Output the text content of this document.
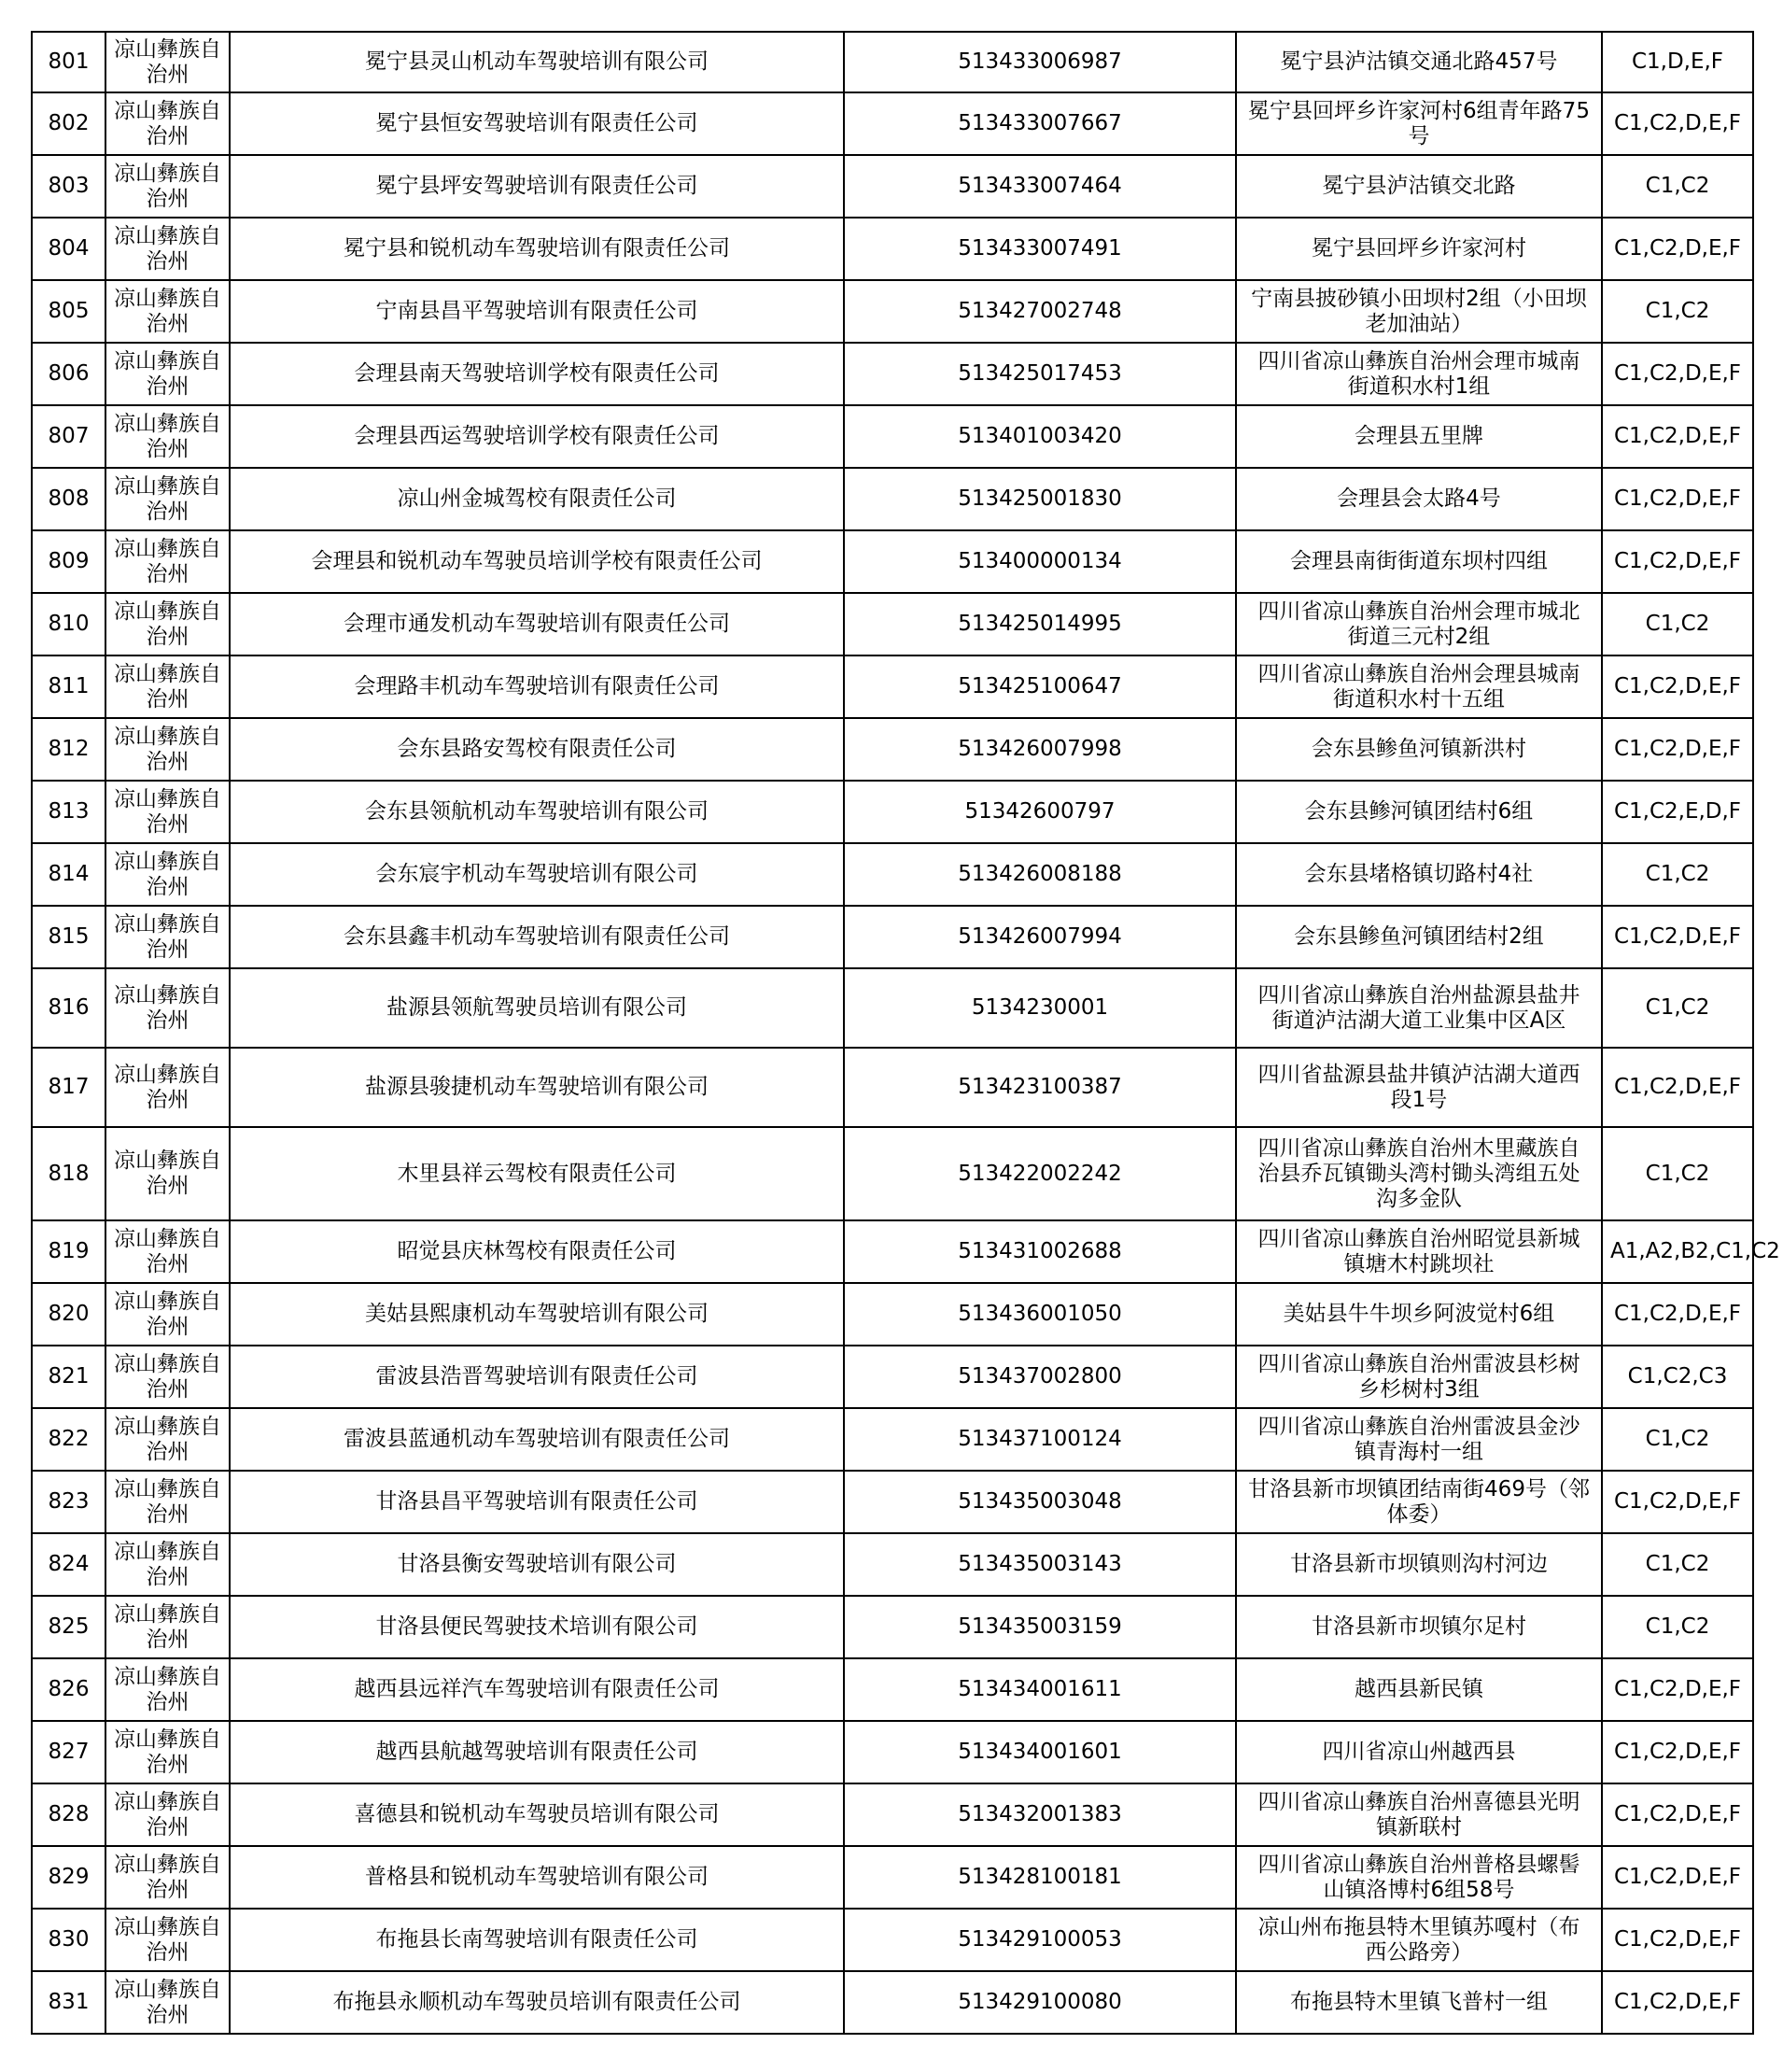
801	凉山彝族自治州	冕宁县灵山机动车驾驶培训有限公司	513433006987	冕宁县泸沽镇交通北路457号	C1,D,E,F
802	凉山彝族自治州	冕宁县恒安驾驶培训有限责任公司	513433007667	冕宁县回坪乡许家河村6组青年路75号	C1,C2,D,E,F
803	凉山彝族自治州	冕宁县坪安驾驶培训有限责任公司	513433007464	冕宁县泸沽镇交北路	C1,C2
804	凉山彝族自治州	冕宁县和锐机动车驾驶培训有限责任公司	513433007491	冕宁县回坪乡许家河村	C1,C2,D,E,F
805	凉山彝族自治州	宁南县昌平驾驶培训有限责任公司	513427002748	宁南县披砂镇小田坝村2组（小田坝老加油站）	C1,C2
806	凉山彝族自治州	会理县南天驾驶培训学校有限责任公司	513425017453	四川省凉山彝族自治州会理市城南街道积水村1组	C1,C2,D,E,F
807	凉山彝族自治州	会理县西运驾驶培训学校有限责任公司	513401003420	会理县五里牌	C1,C2,D,E,F
808	凉山彝族自治州	凉山州金城驾校有限责任公司	513425001830	会理县会太路4号	C1,C2,D,E,F
809	凉山彝族自治州	会理县和锐机动车驾驶员培训学校有限责任公司	513400000134	会理县南街街道东坝村四组	C1,C2,D,E,F
810	凉山彝族自治州	会理市通发机动车驾驶培训有限责任公司	513425014995	四川省凉山彝族自治州会理市城北街道三元村2组	C1,C2
811	凉山彝族自治州	会理路丰机动车驾驶培训有限责任公司	513425100647	四川省凉山彝族自治州会理县城南街道积水村十五组	C1,C2,D,E,F
812	凉山彝族自治州	会东县路安驾校有限责任公司	513426007998	会东县鲹鱼河镇新洪村	C1,C2,D,E,F
813	凉山彝族自治州	会东县领航机动车驾驶培训有限公司	51342600797	会东县鲹河镇团结村6组	C1,C2,E,D,F
814	凉山彝族自治州	会东宸宇机动车驾驶培训有限公司	513426008188	会东县堵格镇切路村4社	C1,C2
815	凉山彝族自治州	会东县鑫丰机动车驾驶培训有限责任公司	513426007994	会东县鲹鱼河镇团结村2组	C1,C2,D,E,F
816	凉山彝族自治州	盐源县领航驾驶员培训有限公司	5134230001	四川省凉山彝族自治州盐源县盐井街道泸沽湖大道工业集中区A区	C1,C2
817	凉山彝族自治州	盐源县骏捷机动车驾驶培训有限公司	513423100387	四川省盐源县盐井镇泸沽湖大道西段1号	C1,C2,D,E,F
818	凉山彝族自治州	木里县祥云驾校有限责任公司	513422002242	四川省凉山彝族自治州木里藏族自治县乔瓦镇锄头湾村锄头湾组五处沟多金队	C1,C2
819	凉山彝族自治州	昭觉县庆林驾校有限责任公司	513431002688	四川省凉山彝族自治州昭觉县新城镇塘木村跳坝社	A1,A2,B2,C1,C2
820	凉山彝族自治州	美姑县熙康机动车驾驶培训有限公司	513436001050	美姑县牛牛坝乡阿波觉村6组	C1,C2,D,E,F
821	凉山彝族自治州	雷波县浩晋驾驶培训有限责任公司	513437002800	四川省凉山彝族自治州雷波县杉树乡杉树村3组	C1,C2,C3
822	凉山彝族自治州	雷波县蓝通机动车驾驶培训有限责任公司	513437100124	四川省凉山彝族自治州雷波县金沙镇青海村一组	C1,C2
823	凉山彝族自治州	甘洛县昌平驾驶培训有限责任公司	513435003048	甘洛县新市坝镇团结南街469号（邻体委）	C1,C2,D,E,F
824	凉山彝族自治州	甘洛县衡安驾驶培训有限公司	513435003143	甘洛县新市坝镇则沟村河边	C1,C2
825	凉山彝族自治州	甘洛县便民驾驶技术培训有限公司	513435003159	甘洛县新市坝镇尔足村	C1,C2
826	凉山彝族自治州	越西县远祥汽车驾驶培训有限责任公司	513434001611	越西县新民镇	C1,C2,D,E,F
827	凉山彝族自治州	越西县航越驾驶培训有限责任公司	513434001601	四川省凉山州越西县	C1,C2,D,E,F
828	凉山彝族自治州	喜德县和锐机动车驾驶员培训有限公司	513432001383	四川省凉山彝族自治州喜德县光明镇新联村	C1,C2,D,E,F
829	凉山彝族自治州	普格县和锐机动车驾驶培训有限公司	513428100181	四川省凉山彝族自治州普格县螺髻山镇洛博村6组58号	C1,C2,D,E,F
830	凉山彝族自治州	布拖县长南驾驶培训有限责任公司	513429100053	凉山州布拖县特木里镇苏嘎村（布西公路旁）	C1,C2,D,E,F
831	凉山彝族自治州	布拖县永顺机动车驾驶员培训有限责任公司	513429100080	布拖县特木里镇飞普村一组	C1,C2,D,E,F
